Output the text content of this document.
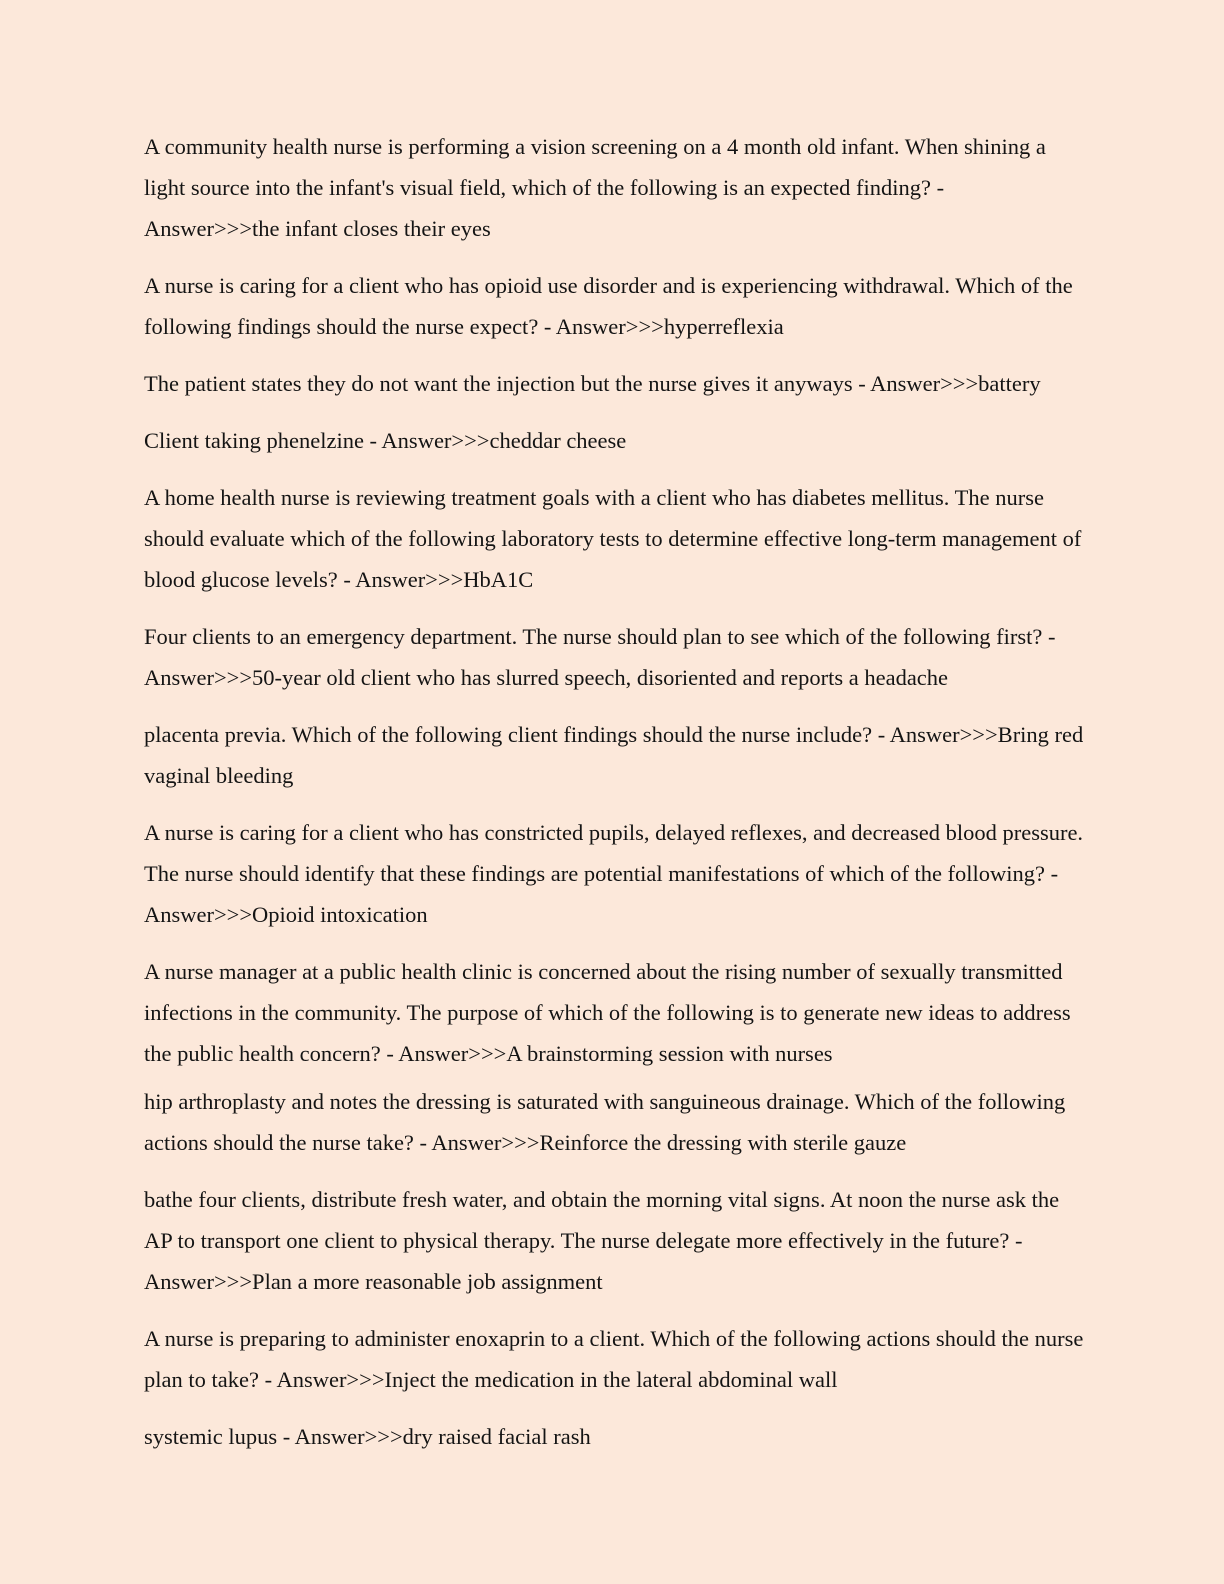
A community health nurse is performing a vision screening on a 4 month old infant. When shining a light source into the infant's visual field, which of the following is an expected finding? - Answer>>>the infant closes their eyes

A nurse is caring for a client who has opioid use disorder and is experiencing withdrawal. Which of the following findings should the nurse expect? - Answer>>>hyperreflexia

The patient states they do not want the injection but the nurse gives it anyways - Answer>>>battery

Client taking phenelzine - Answer>>>cheddar cheese

A home health nurse is reviewing treatment goals with a client who has diabetes mellitus. The nurse should evaluate which of the following laboratory tests to determine effective long-term management of blood glucose levels? - Answer>>>HbA1C

Four clients to an emergency department. The nurse should plan to see which of the following first? - Answer>>>50-year old client who has slurred speech, disoriented and reports a headache

placenta previa. Which of the following client findings should the nurse include? - Answer>>>Bring red vaginal bleeding

A nurse is caring for a client who has constricted pupils, delayed reflexes, and decreased blood pressure. The nurse should identify that these findings are potential manifestations of which of the following? - Answer>>>Opioid intoxication

A nurse manager at a public health clinic is concerned about the rising number of sexually transmitted infections in the community. The purpose of which of the following is to generate new ideas to address the public health concern? - Answer>>>A brainstorming session with nurses

hip arthroplasty and notes the dressing is saturated with sanguineous drainage. Which of the following actions should the nurse take? - Answer>>>Reinforce the dressing with sterile gauze

bathe four clients, distribute fresh water, and obtain the morning vital signs. At noon the nurse ask the AP to transport one client to physical therapy. The nurse delegate more effectively in the future? - Answer>>>Plan a more reasonable job assignment

A nurse is preparing to administer enoxaprin to a client. Which of the following actions should the nurse plan to take? - Answer>>>Inject the medication in the lateral abdominal wall

systemic lupus - Answer>>>dry raised facial rash
